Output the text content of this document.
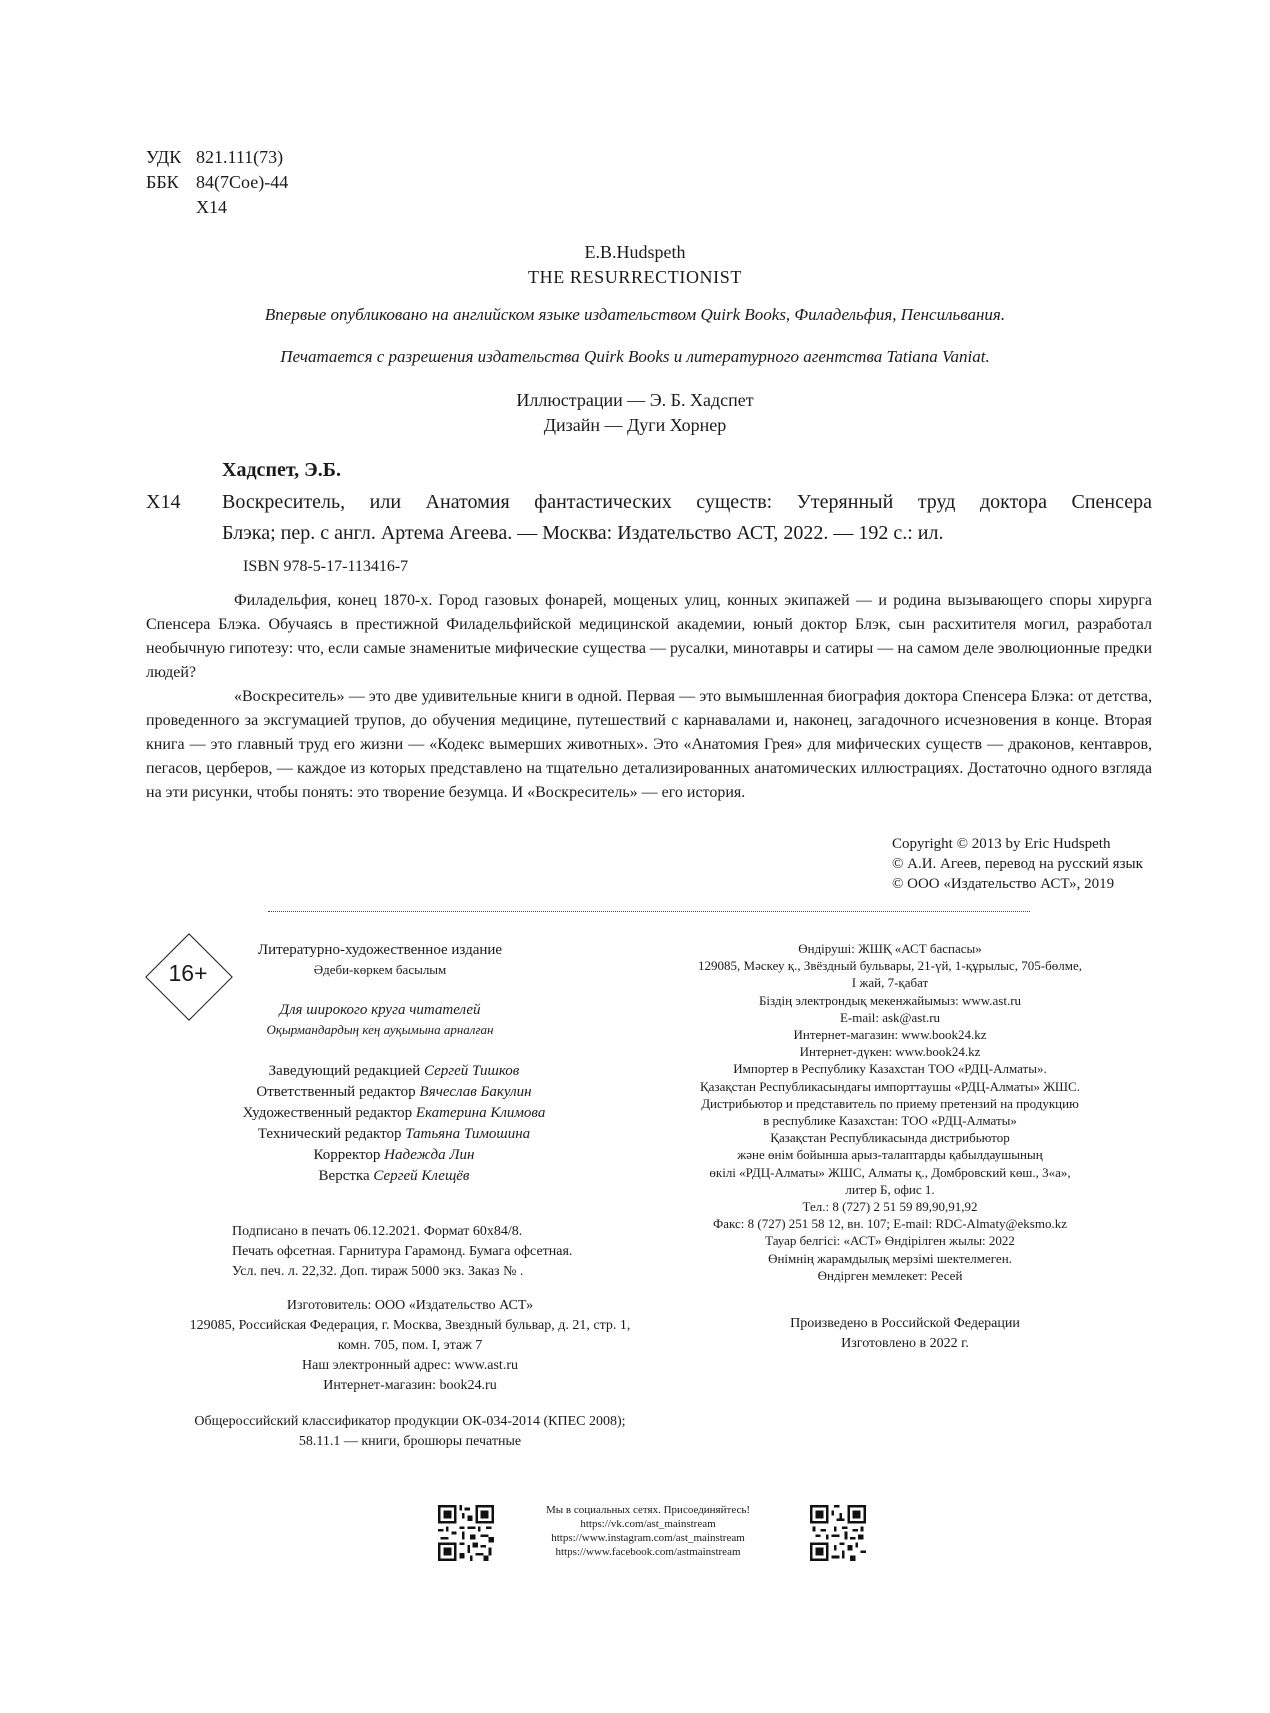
УДК 821.111(73)
ББК 84(7Сое)-44
Х14
E.B.Hudspeth
THE RESURRECTIONIST
Впервые опубликовано на английском языке издательством Quirk Books, Филадельфия, Пенсильвания.
Печатается с разрешения издательства Quirk Books и литературного агентства Tatiana Vaniat.
Иллюстрации — Э. Б. Хадспет
Дизайн — Дуги Хорнер
Хадспет, Э.Б.
Х14 Воскреситель, или Анатомия фантастических существ: Утерянный труд доктора Спенсера
Блэка; пер. с англ. Артема Агеева. — Москва: Издательство АСТ, 2022. — 192 с.: ил.
ISBN 978-5-17-113416-7

Филадельфия, конец 1870-х. Город газовых фонарей, мощеных улиц, конных экипажей — и родина вызывающего споры хирурга Спенсера Блэка. Обучаясь в престижной Филадельфийской медицинской академии, юный доктор Блэк, сын расхитителя могил, разработал необычную гипотезу: что, если самые знаменитые мифические существа — русалки, минотавры и сатиры — на самом деле эволюционные предки людей?

«Воскреситель» — это две удивительные книги в одной. Первая — это вымышленная биография доктора Спенсера Блэка: от детства, проведенного за эксгумацией трупов, до обучения медицине, путешествий с карнавалами и, наконец, загадочного исчезновения в конце. Вторая книга — это главный труд его жизни — «Кодекс вымерших животных». Это «Анатомия Грея» для мифических существ — драконов, кентавров, пегасов, церберов, — каждое из которых представлено на тщательно детализированных анатомических иллюстрациях. Достаточно одного взгляда на эти рисунки, чтобы понять: это творение безумца. И «Воскреситель» — его история.

Copyright © 2013 by Eric Hudspeth
© А.И. Агеев, перевод на русский язык
© ООО «Издательство АСТ», 2019
16+
Литературно-художественное издание
Әдеби-көркем басылым
Для широкого круга читателей
Оқырмандардың кең ауқымына арналған
Заведующий редакцией Сергей Тишков
Ответственный редактор Вячеслав Бакулин
Художественный редактор Екатерина Климова
Технический редактор Татьяна Тимошина
Корректор Надежда Лин
Верстка Сергей Клещёв
Подписано в печать 06.12.2021. Формат 60x84/8.
Печать офсетная. Гарнитура Гарамонд. Бумага офсетная.
Усл. печ. л. 22,32. Доп. тираж 5000 экз. Заказ № .
Изготовитель: ООО «Издательство АСТ»
129085, Российская Федерация, г. Москва, Звездный бульвар, д. 21, стр. 1,
комн. 705, пом. I, этаж 7
Наш электронный адрес: www.ast.ru
Интернет-магазин: book24.ru
Общероссийский классификатор продукции ОК-034-2014 (КПЕС 2008);
58.11.1 — книги, брошюры печатные
Өндіруші: ЖШҚ «АСТ баспасы»
129085, Мәскеу қ., Звёздный бульвары, 21-үй, 1-құрылыс, 705-бөлме,
I жай, 7-қабат
Біздің электрондық мекенжайымыз: www.ast.ru
E-mail: ask@ast.ru
Интернет-магазин: www.book24.kz
Интернет-дүкен: www.book24.kz
Импортер в Республику Казахстан ТОО «РДЦ-Алматы».
Қазақстан Республикасындағы импорттаушы «РДЦ-Алматы» ЖШС.
Дистрибьютор и представитель по приему претензий на продукцию
в республике Казахстан: ТОО «РДЦ-Алматы»
Қазақстан Республикасында дистрибьютор
және өнім бойынша арыз-талаптарды қабылдаушының
өкілі «РДЦ-Алматы» ЖШС, Алматы қ., Домбровский көш., 3«а»,
литер Б, офис 1.
Тел.: 8 (727) 2 51 59 89,90,91,92
Факс: 8 (727) 251 58 12, вн. 107; E-mail: RDC-Almaty@eksmo.kz
Тауар белгісі: «АСТ» Өндірілген жылы: 2022
Өнімнің жарамдылық мерзімі шектелмеген.
Өндірген мемлекет: Ресей
Произведено в Российской Федерации
Изготовлено в 2022 г.
Мы в социальных сетях. Присоединяйтесь!
https://vk.com/ast_mainstream
https://www.instagram.com/ast_mainstream
https://www.facebook.com/astmainstream
